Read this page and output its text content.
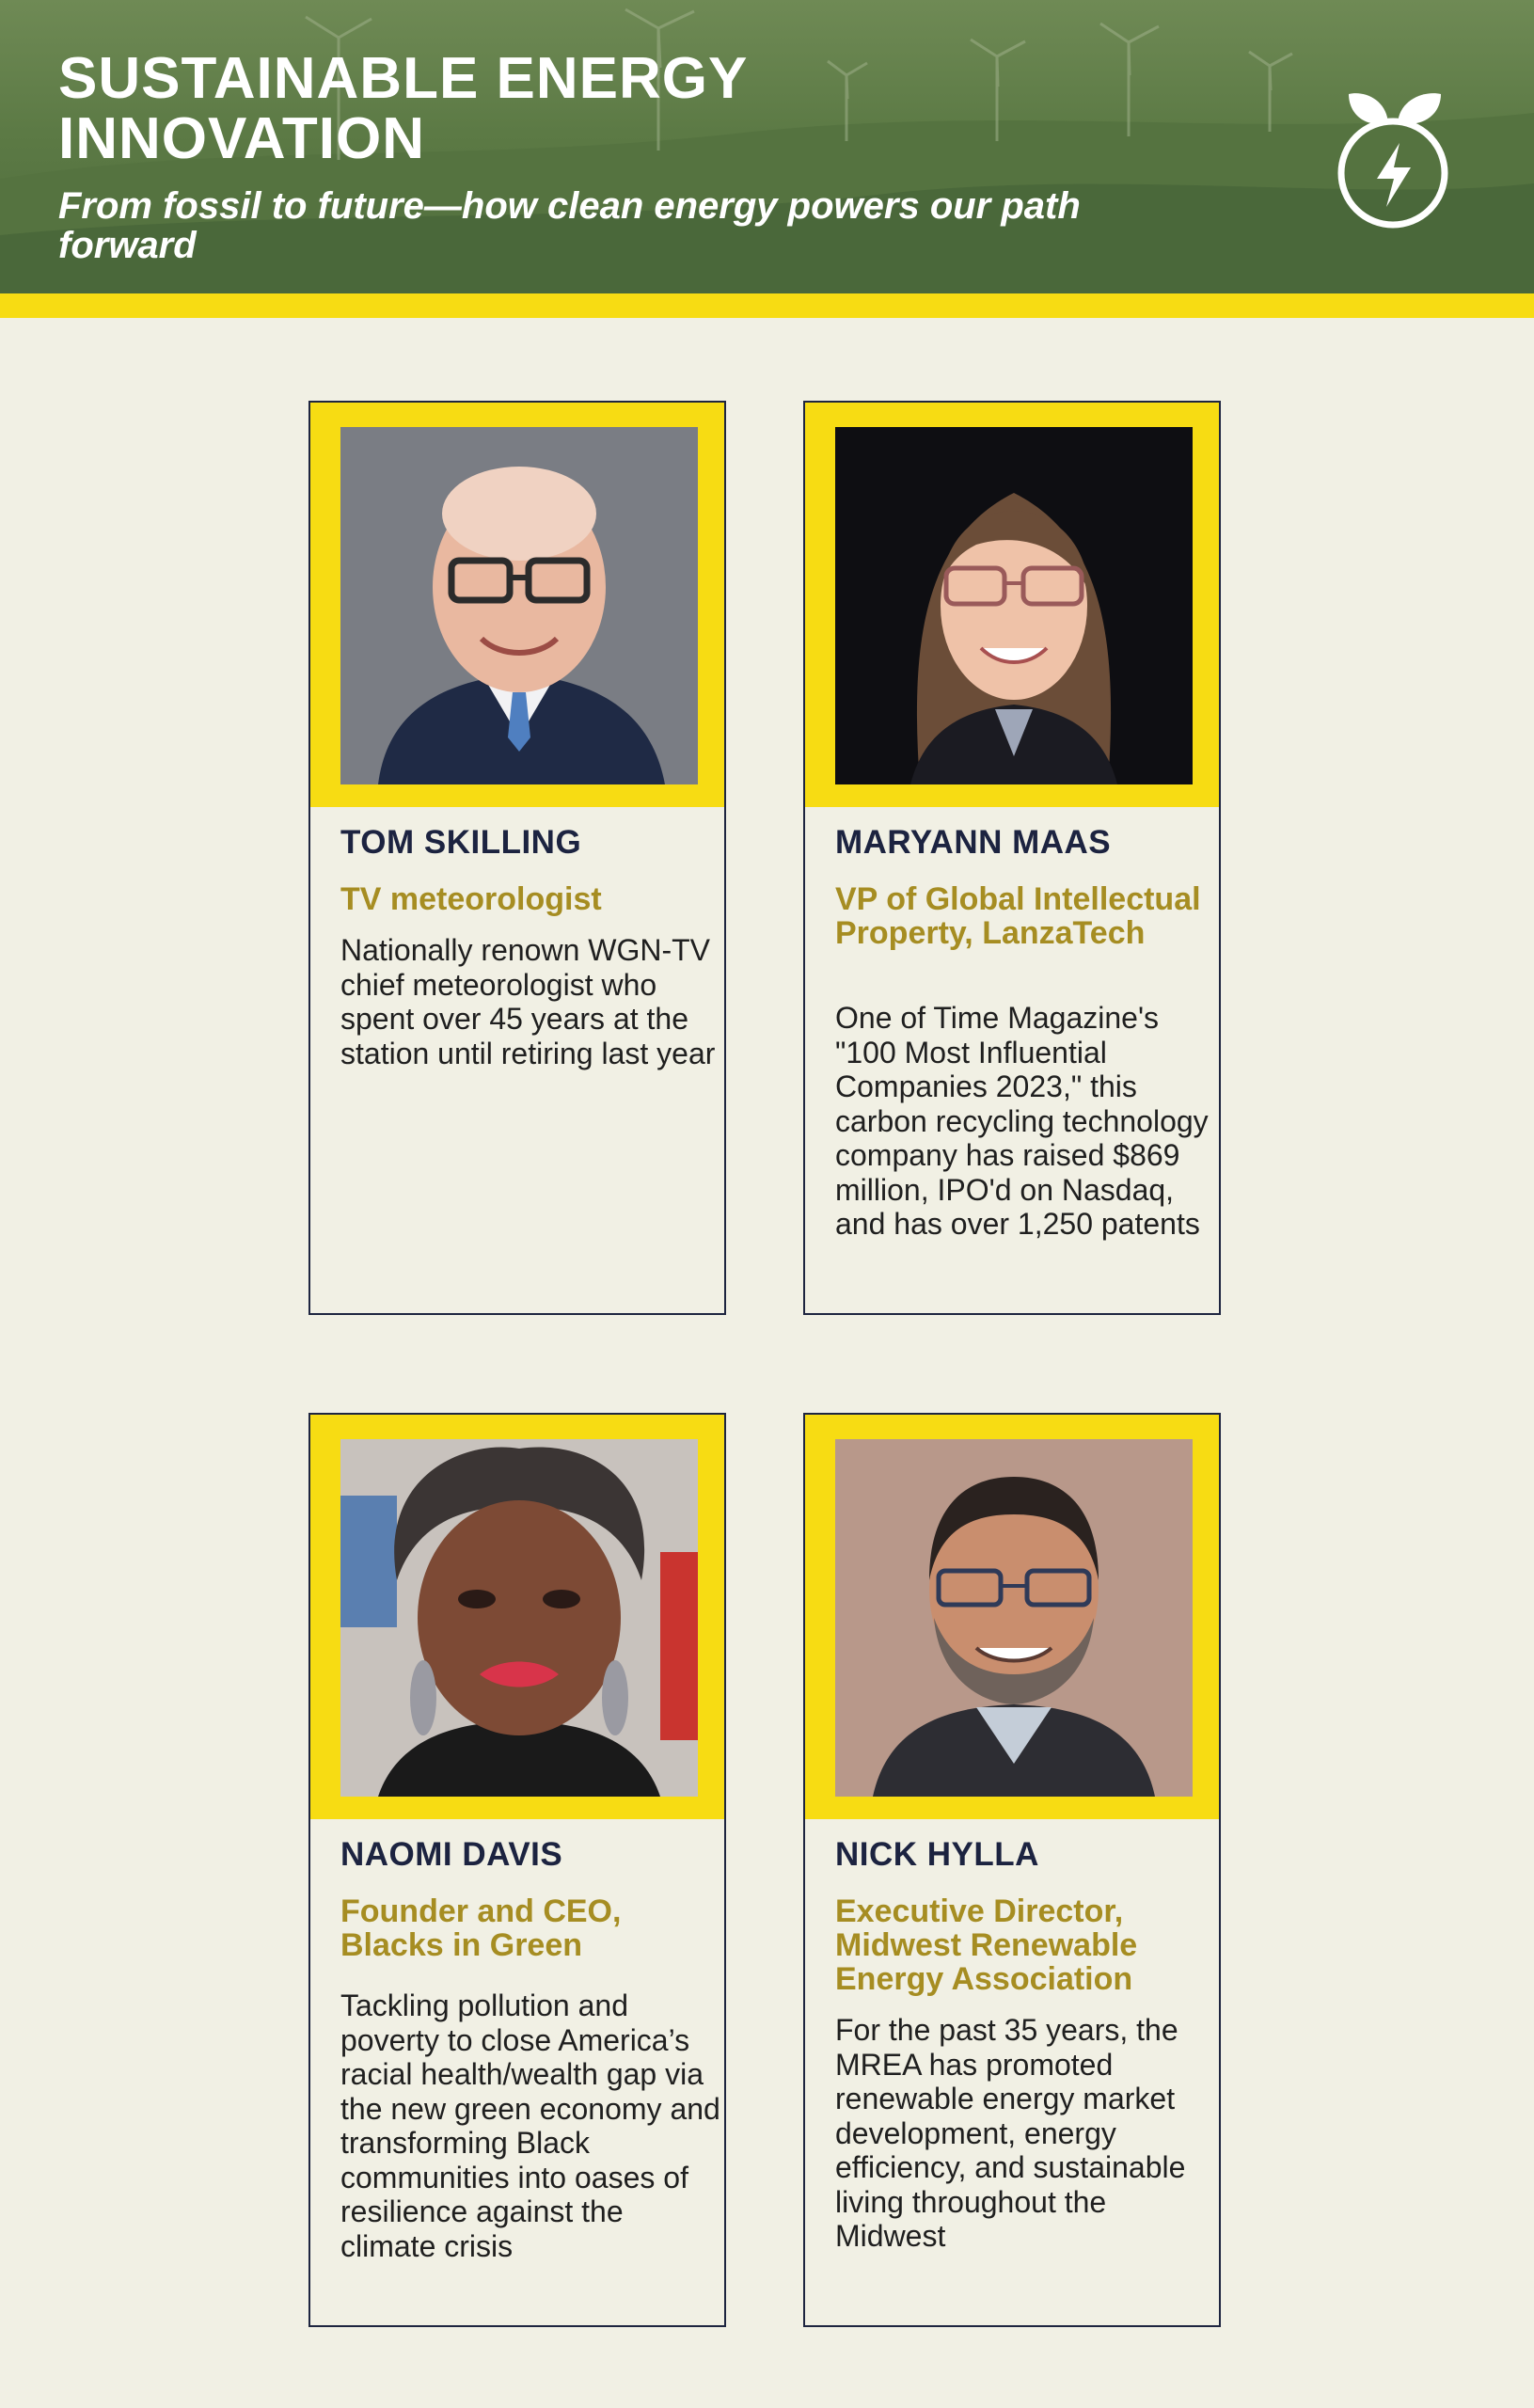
SUSTAINABLE ENERGY INNOVATION

From fossil to future—how clean energy powers our path forward

TOM SKILLING

TV meteorologist

Nationally renown WGN-TV chief meteorologist who spent over 45 years at the station until retiring last year

MARYANN MAAS

VP of Global Intellectual Property, LanzaTech

One of Time Magazine's "100 Most Influential Companies 2023," this carbon recycling technology company has raised $869 million, IPO'd on Nasdaq, and has over 1,250 patents

NAOMI DAVIS

Founder and CEO, Blacks in Green

Tackling pollution and poverty to close America’s racial health/wealth gap via the new green economy and transforming Black communities into oases of resilience against the climate crisis

NICK HYLLA

Executive Director, Midwest Renewable Energy Association

For the past 35 years, the MREA has promoted renewable energy market development, energy efficiency, and sustainable living throughout the Midwest
